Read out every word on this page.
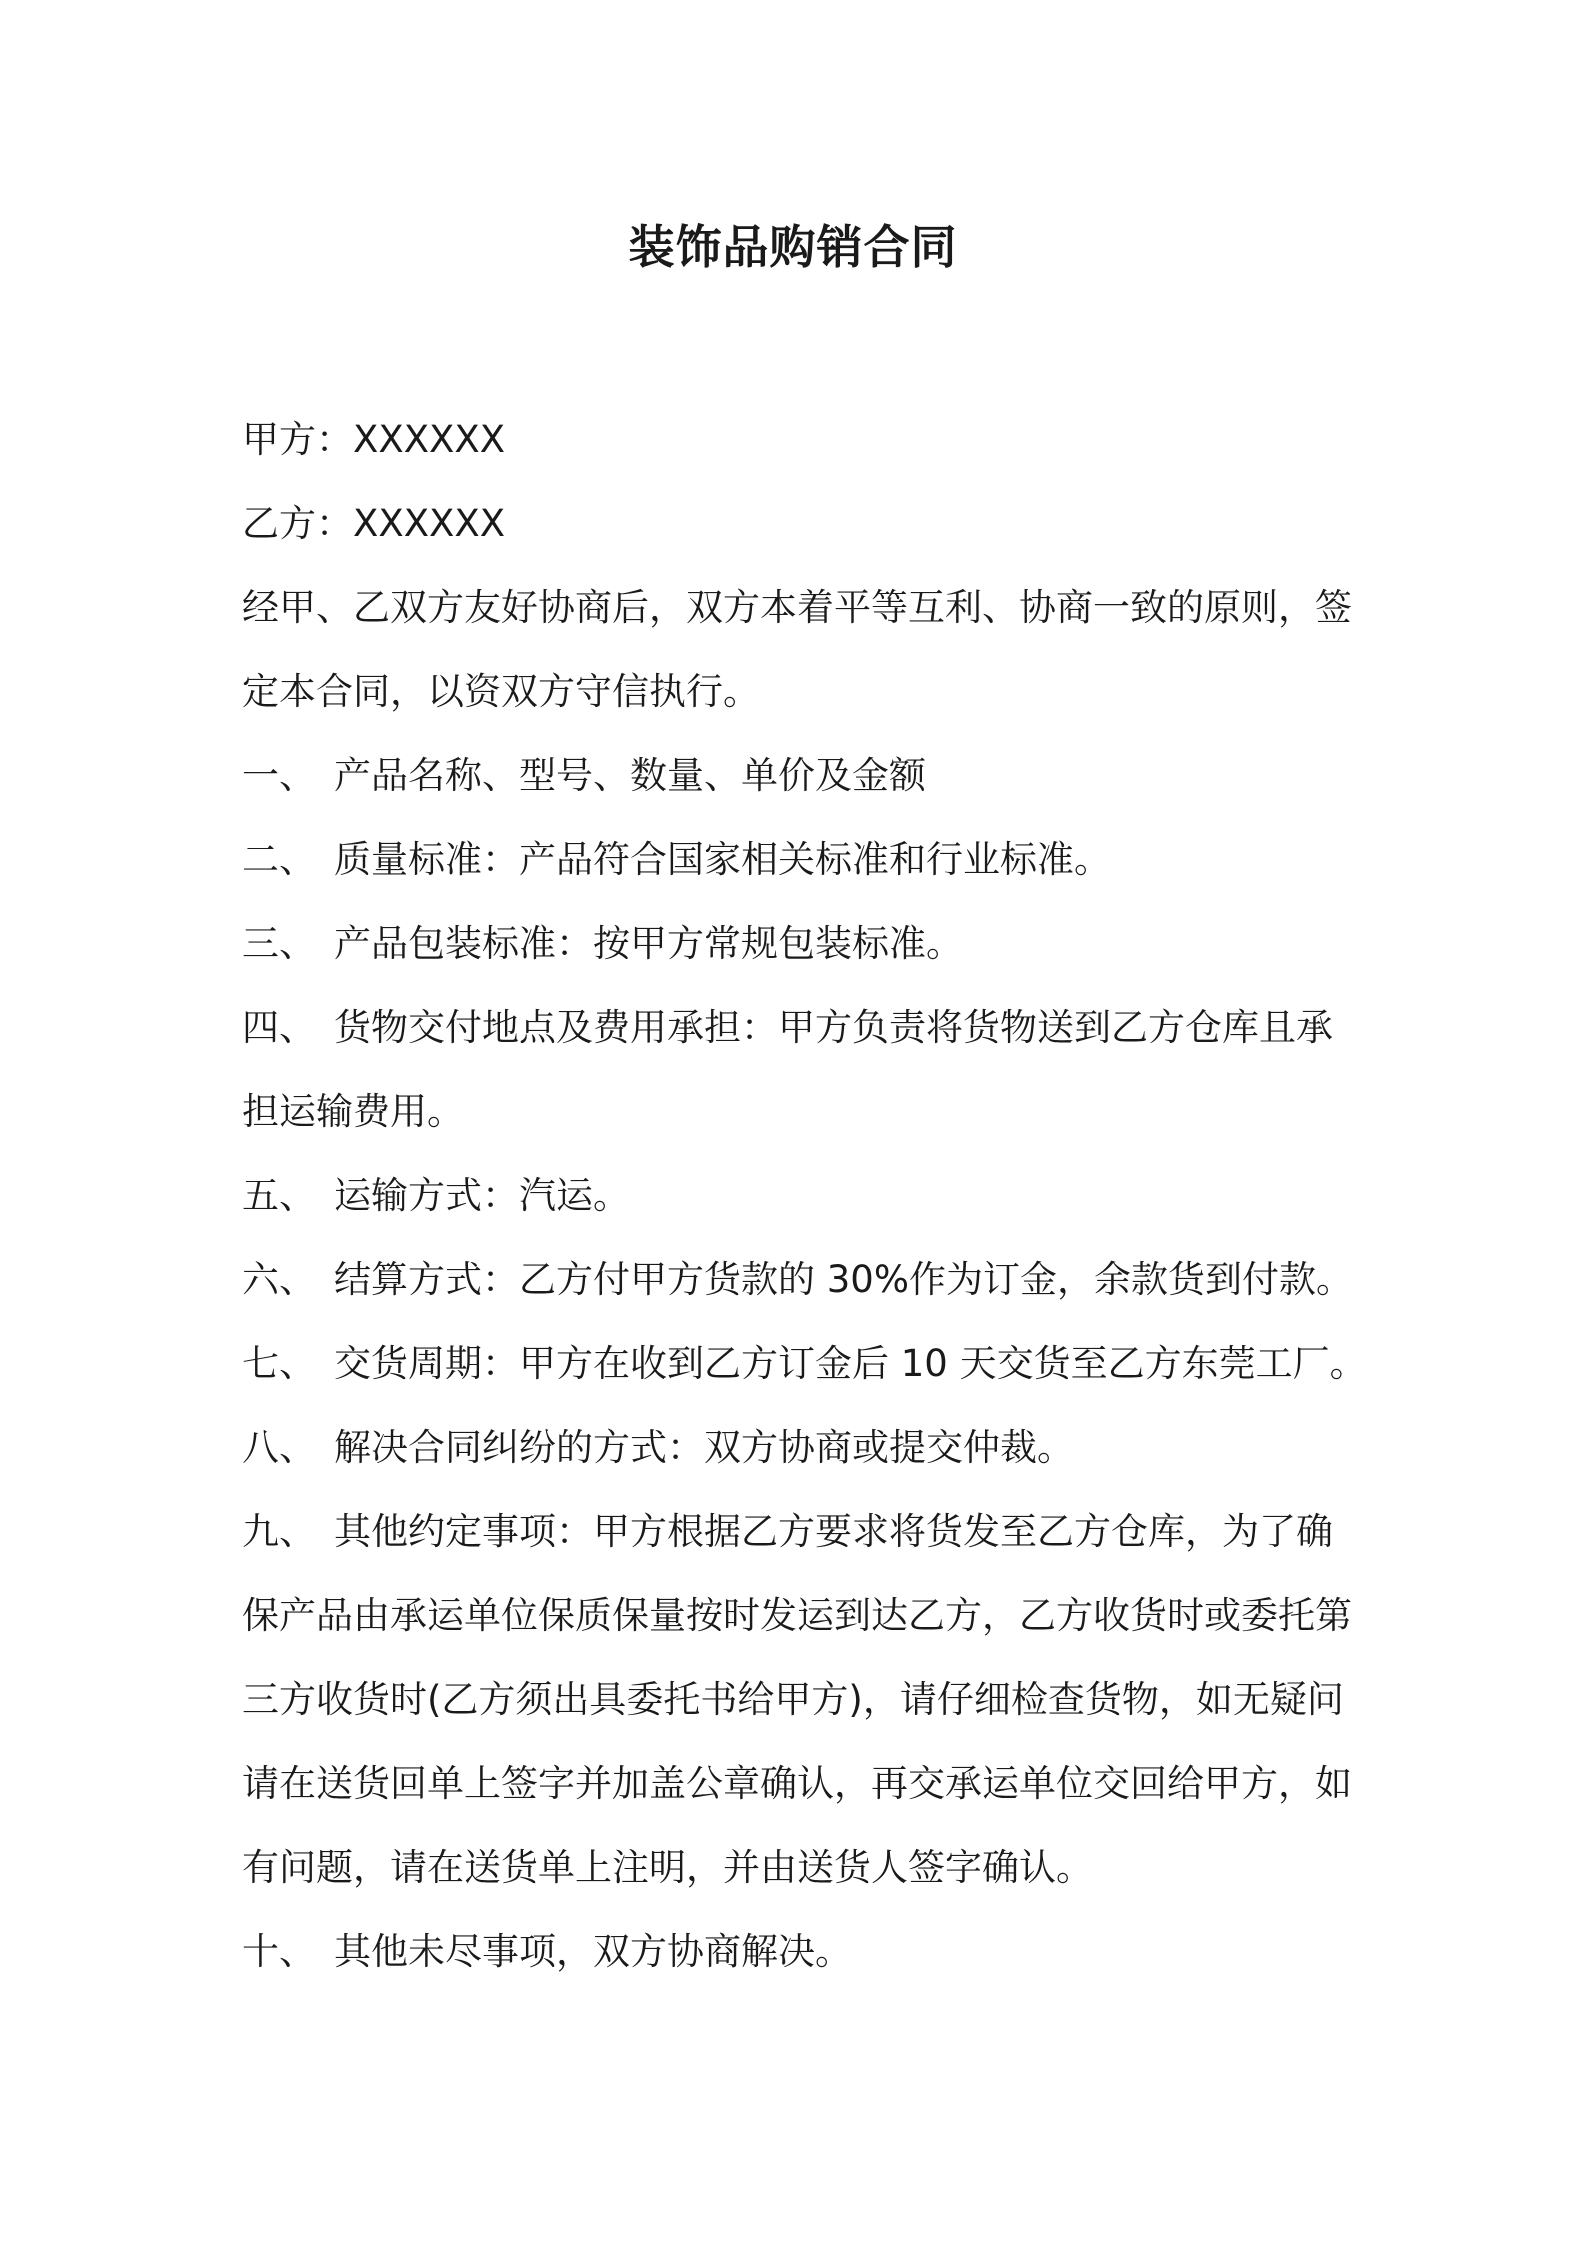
装饰品购销合同
甲方：XXXXXX
乙方：XXXXXX
经甲、乙双方友好协商后，双方本着平等互利、协商一致的原则，签
定本合同，以资双方守信执行。
一、 产品名称、型号、数量、单价及金额
二、 质量标准：产品符合国家相关标准和行业标准。
三、 产品包装标准：按甲方常规包装标准。
四、 货物交付地点及费用承担：甲方负责将货物送到乙方仓库且承
担运输费用。
五、 运输方式：汽运。
六、 结算方式：乙方付甲方货款的 30%作为订金，余款货到付款。
七、 交货周期：甲方在收到乙方订金后 10 天交货至乙方东莞工厂。
八、 解决合同纠纷的方式：双方协商或提交仲裁。
九、 其他约定事项：甲方根据乙方要求将货发至乙方仓库，为了确
保产品由承运单位保质保量按时发运到达乙方，乙方收货时或委托第
三方收货时(乙方须出具委托书给甲方)，请仔细检查货物，如无疑问
请在送货回单上签字并加盖公章确认，再交承运单位交回给甲方，如
有问题，请在送货单上注明，并由送货人签字确认。
十、 其他未尽事项，双方协商解决。
